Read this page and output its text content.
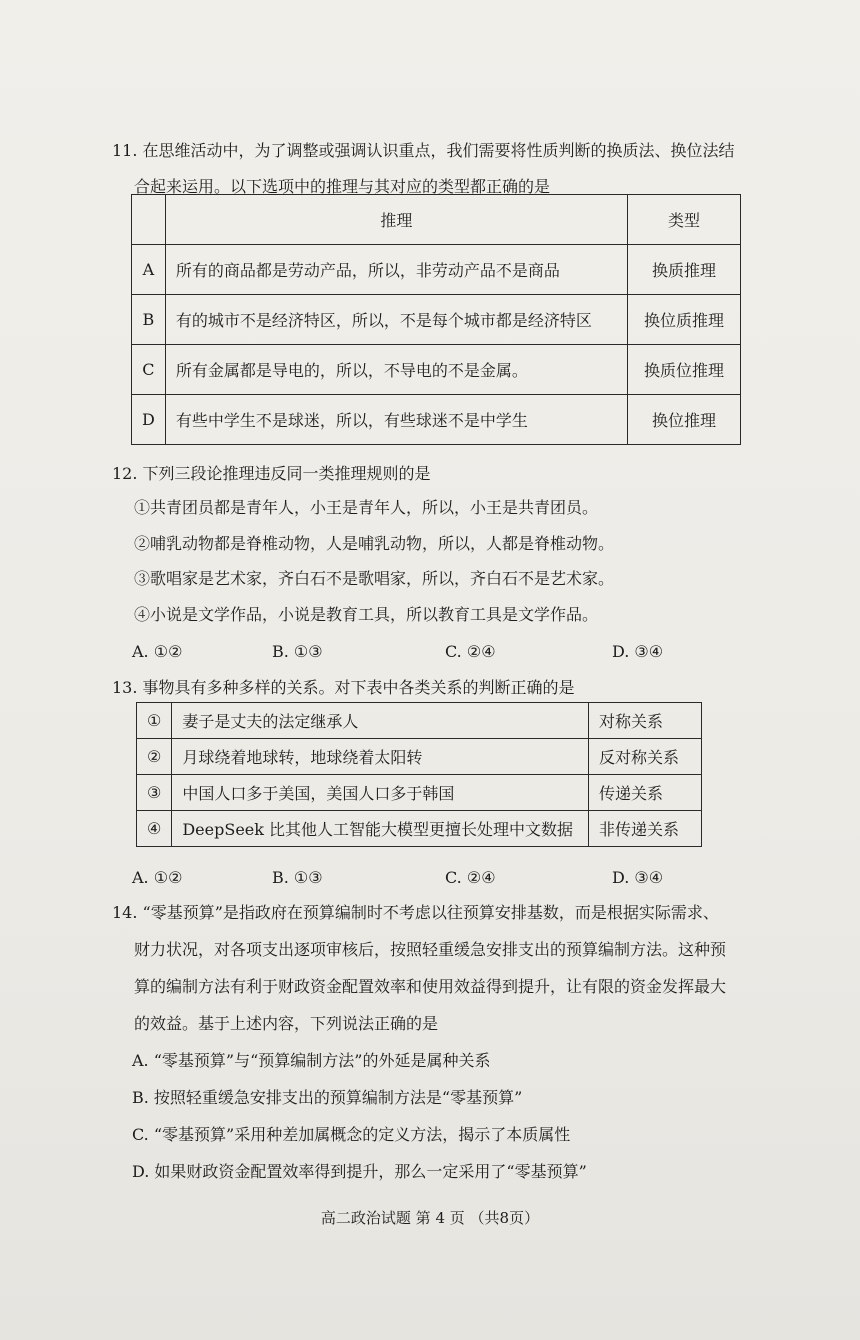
11. 在思维活动中，为了调整或强调认识重点，我们需要将性质判断的换质法、换位法结
合起来运用。以下选项中的推理与其对应的类型都正确的是
	推理	类型
A	所有的商品都是劳动产品，所以，非劳动产品不是商品	换质推理
B	有的城市不是经济特区，所以，不是每个城市都是经济特区	换位质推理
C	所有金属都是导电的，所以，不导电的不是金属。	换质位推理
D	有些中学生不是球迷，所以，有些球迷不是中学生	换位推理
12. 下列三段论推理违反同一类推理规则的是
①共青团员都是青年人，小王是青年人，所以，小王是共青团员。
②哺乳动物都是脊椎动物，人是哺乳动物，所以，人都是脊椎动物。
③歌唱家是艺术家，齐白石不是歌唱家，所以，齐白石不是艺术家。
④小说是文学作品，小说是教育工具，所以教育工具是文学作品。
A. ①②	B. ①③	C. ②④	D. ③④
13. 事物具有多种多样的关系。对下表中各类关系的判断正确的是
①	妻子是丈夫的法定继承人	对称关系
②	月球绕着地球转，地球绕着太阳转	反对称关系
③	中国人口多于美国，美国人口多于韩国	传递关系
④	DeepSeek 比其他人工智能大模型更擅长处理中文数据	非传递关系
A. ①②	B. ①③	C. ②④	D. ③④
14. “零基预算”是指政府在预算编制时不考虑以往预算安排基数，而是根据实际需求、
财力状况，对各项支出逐项审核后，按照轻重缓急安排支出的预算编制方法。这种预
算的编制方法有利于财政资金配置效率和使用效益得到提升，让有限的资金发挥最大
的效益。基于上述内容，下列说法正确的是
A. “零基预算”与“预算编制方法”的外延是属种关系
B. 按照轻重缓急安排支出的预算编制方法是“零基预算”
C. “零基预算”采用种差加属概念的定义方法，揭示了本质属性
D. 如果财政资金配置效率得到提升，那么一定采用了“零基预算”
高二政治试题 第 4 页 （共8页）
